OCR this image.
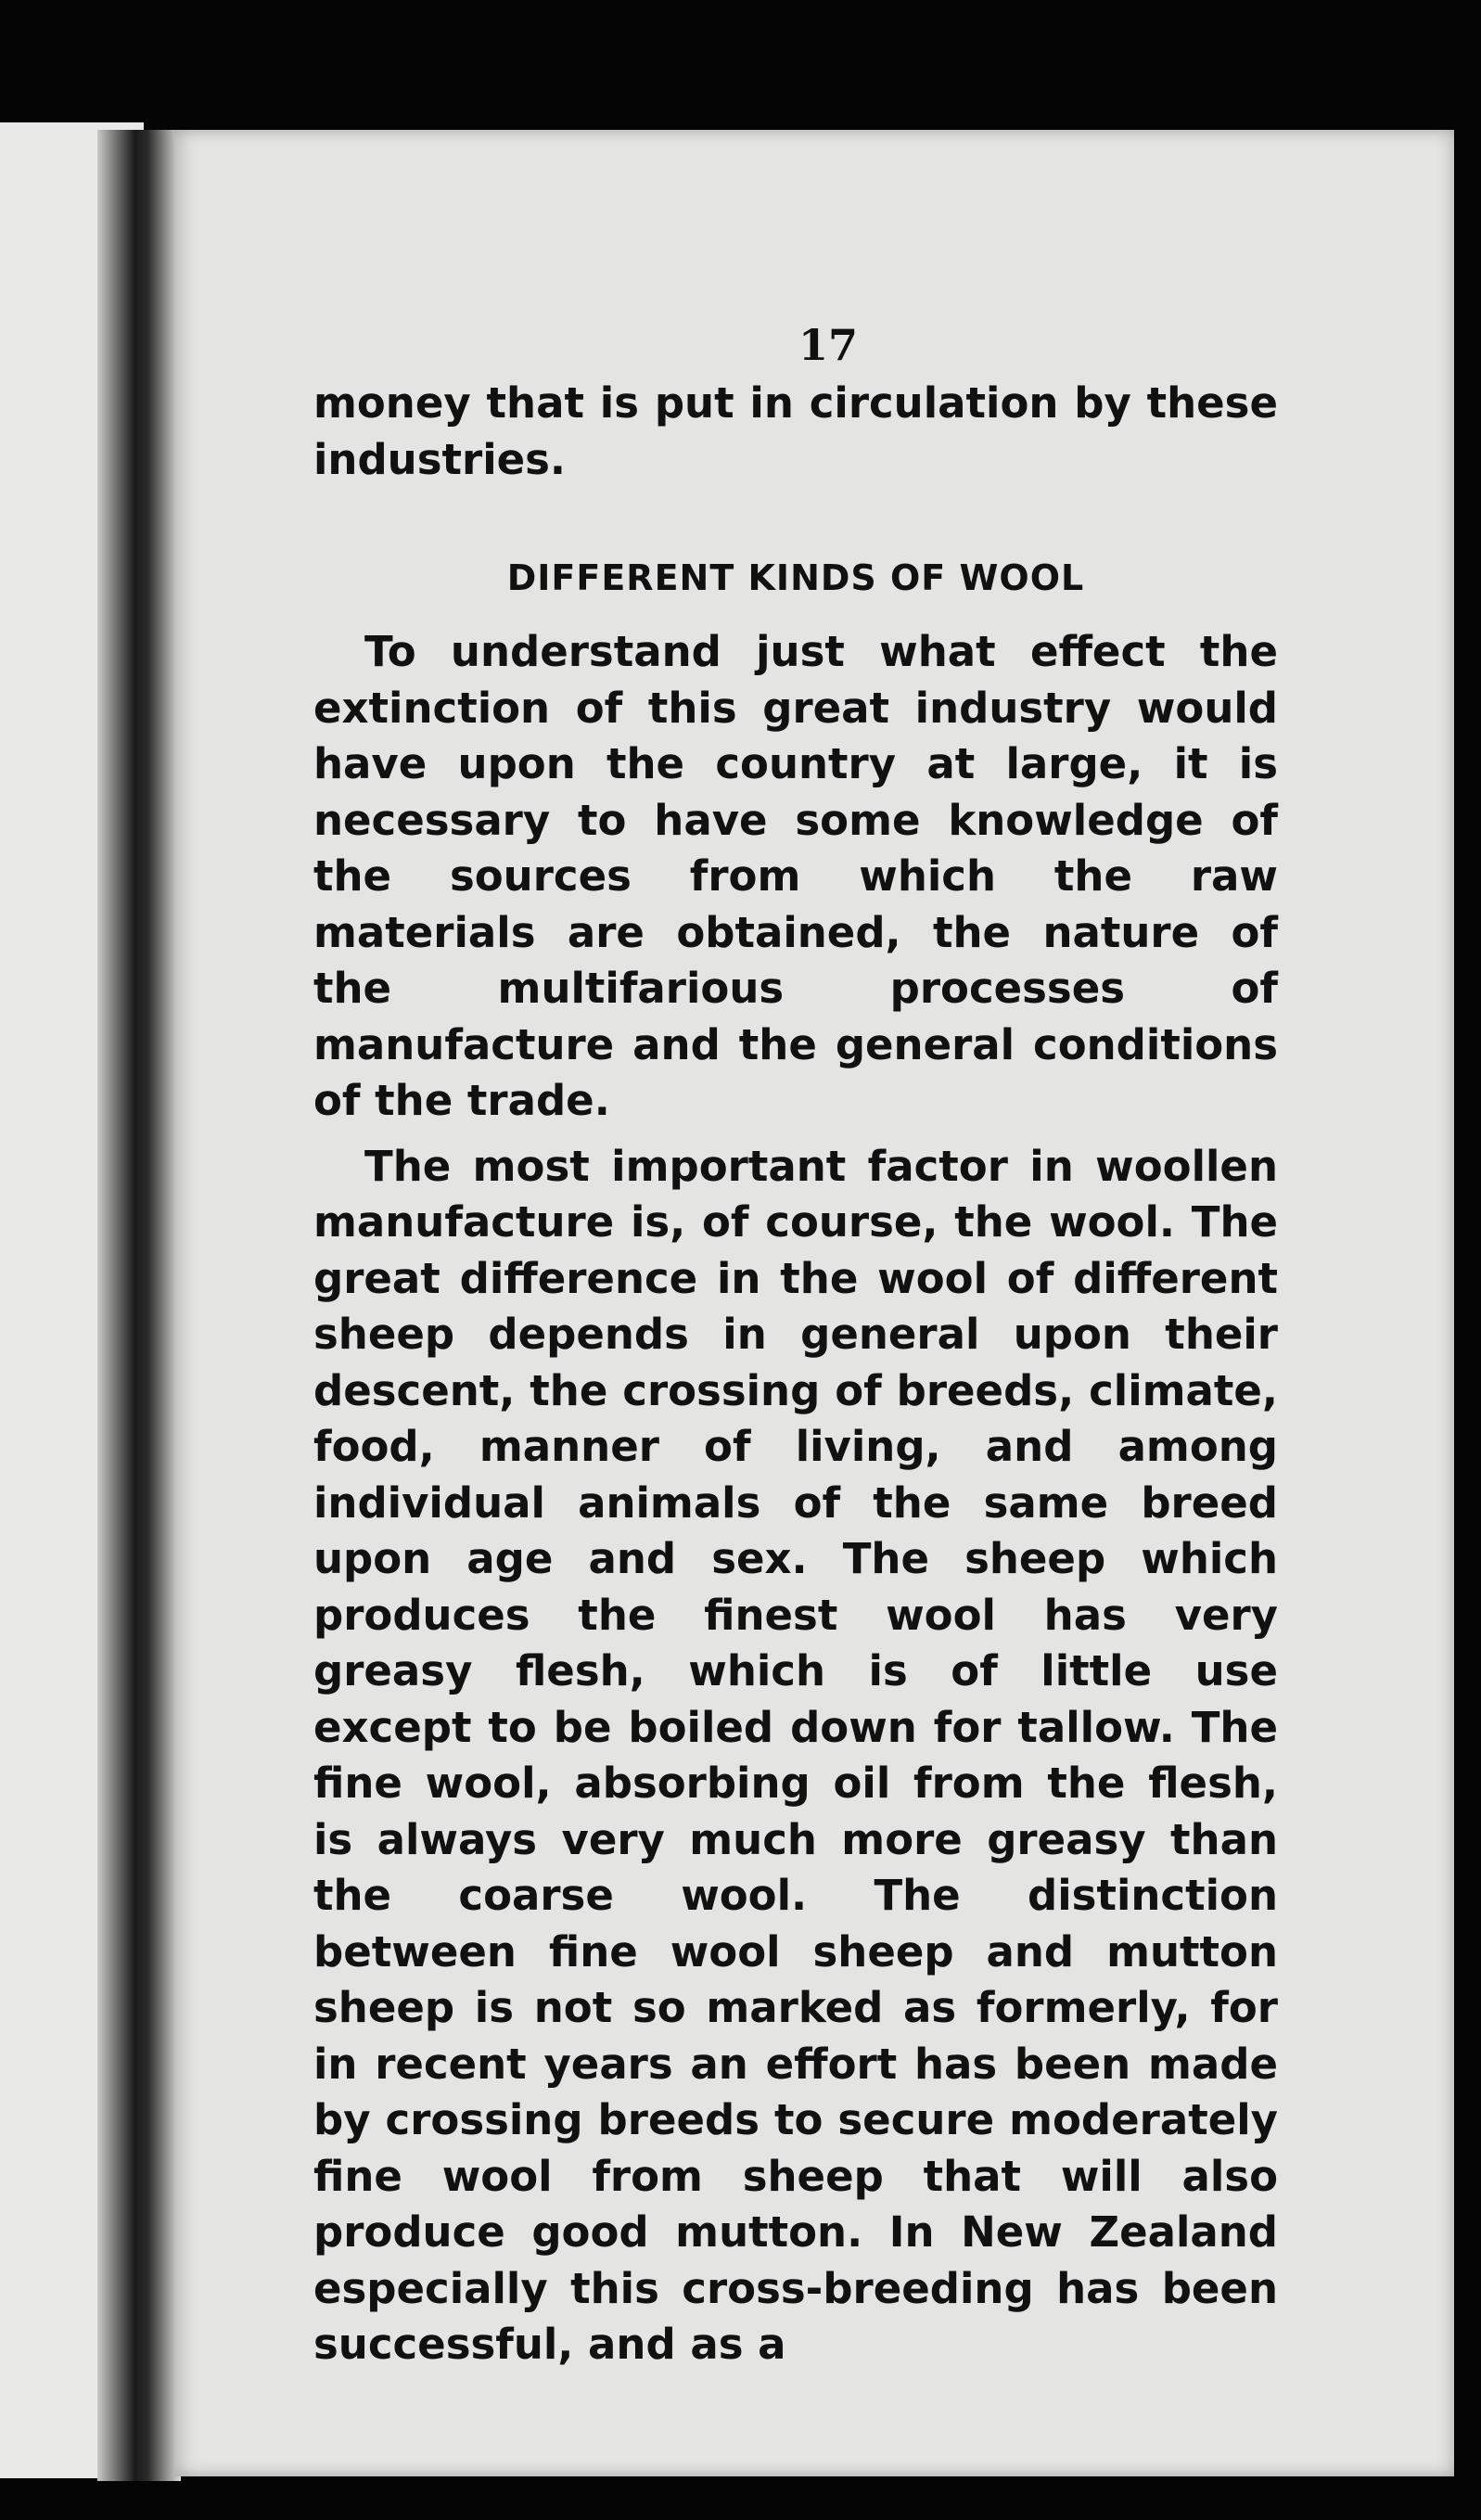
17

money that is put in circulation by these industries.

DIFFERENT KINDS OF WOOL

To understand just what effect the extinction of this great industry would have upon the country at large, it is necessary to have some knowledge of the sources from which the raw materials are obtained, the nature of the multifarious processes of manufacture and the general conditions of the trade.

The most important factor in woollen manufacture is, of course, the wool. The great difference in the wool of different sheep depends in general upon their descent, the crossing of breeds, climate, food, manner of living, and among individual animals of the same breed upon age and sex. The sheep which produces the finest wool has very greasy flesh, which is of little use except to be boiled down for tallow. The fine wool, absorbing oil from the flesh, is always very much more greasy than the coarse wool. The distinction between fine wool sheep and mutton sheep is not so marked as formerly, for in recent years an effort has been made by crossing breeds to secure moderately fine wool from sheep that will also produce good mutton. In New Zealand especially this cross-breeding has been successful, and as a
